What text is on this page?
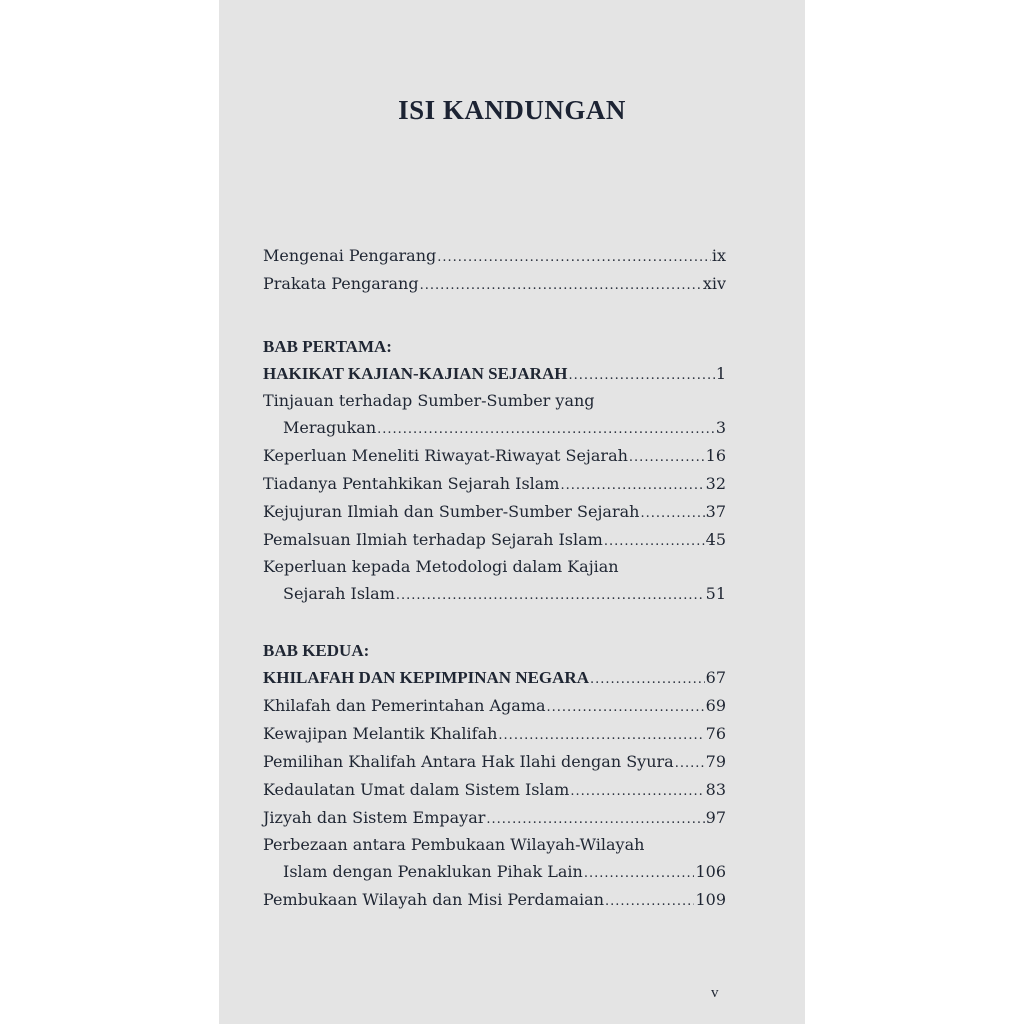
ISI KANDUNGAN
Mengenai Pengarang .....	ix
Prakata Pengarang .....	xiv
BAB PERTAMA:
HAKIKAT KAJIAN-KAJIAN SEJARAH .....	1
Tinjauan terhadap Sumber-Sumber yang
Meragukan .....	3
Keperluan Meneliti Riwayat-Riwayat Sejarah .....	16
Tiadanya Pentahkikan Sejarah Islam .....	32
Kejujuran Ilmiah dan Sumber-Sumber Sejarah .....	37
Pemalsuan Ilmiah terhadap Sejarah Islam .....	45
Keperluan kepada Metodologi dalam Kajian
Sejarah Islam .....	51
BAB KEDUA:
KHILAFAH DAN KEPIMPINAN NEGARA .....	67
Khilafah dan Pemerintahan Agama .....	69
Kewajipan Melantik Khalifah .....	76
Pemilihan Khalifah Antara Hak Ilahi dengan Syura ..... 79
Kedaulatan Umat dalam Sistem Islam .....	83
Jizyah dan Sistem Empayar .....	97
Perbezaan antara Pembukaan Wilayah-Wilayah
Islam dengan Penaklukan Pihak Lain .....	106
Pembukaan Wilayah dan Misi Perdamaian .....	109
v
